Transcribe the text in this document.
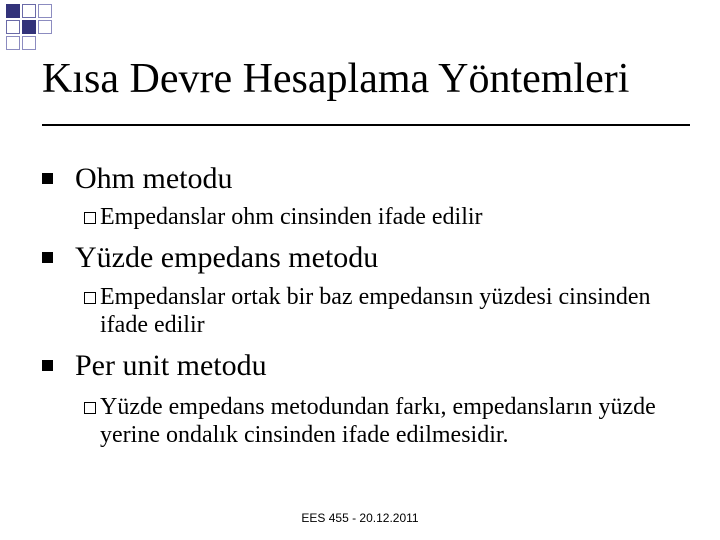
Kısa Devre Hesaplama Yöntemleri
Ohm metodu
Empedanslar ohm cinsinden ifade edilir
Yüzde empedans metodu
Empedanslar ortak bir baz empedansın yüzdesi cinsinden ifade edilir
Per unit metodu
Yüzde empedans metodundan farkı, empedansların yüzde yerine ondalık cinsinden ifade edilmesidir.
EES 455 - 20.12.2011
